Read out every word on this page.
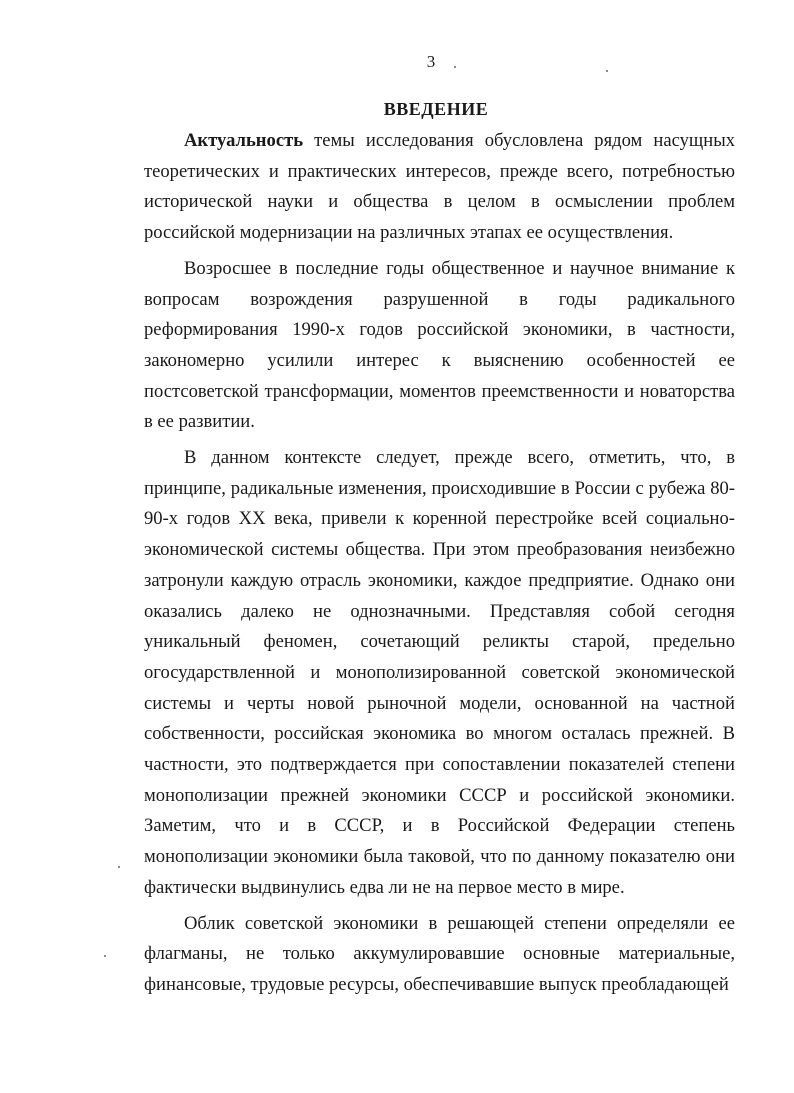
3
ВВЕДЕНИЕ

Актуальность темы исследования обусловлена рядом насущных теоретических и практических интересов, прежде всего, потребностью исторической науки и общества в целом в осмыслении проблем российской модернизации на различных этапах ее осуществления.

Возросшее в последние годы общественное и научное внимание к вопросам возрождения разрушенной в годы радикального реформирования 1990-х годов российской экономики, в частности, закономерно усилили интерес к выяснению особенностей ее постсоветской трансформации, моментов преемственности и новаторства в ее развитии.

В данном контексте следует, прежде всего, отметить, что, в принципе, радикальные изменения, происходившие в России с рубежа 80-90-х годов XX века, привели к коренной перестройке всей социально-экономической системы общества. При этом преобразования неизбежно затронули каждую отрасль экономики, каждое предприятие. Однако они оказались далеко не однозначными. Представляя собой сегодня уникальный феномен, сочетающий реликты старой, предельно огосударствленной и монополизированной советской экономической системы и черты новой рыночной модели, основанной на частной собственности, российская экономика во многом осталась прежней. В частности, это подтверждается при сопоставлении показателей степени монополизации прежней экономики СССР и российской экономики. Заметим, что и в СССР, и в Российской Федерации степень монополизации экономики была таковой, что по данному показателю они фактически выдвинулись едва ли не на первое место в мире.

Облик советской экономики в решающей степени определяли ее флагманы, не только аккумулировавшие основные материальные, финансовые, трудовые ресурсы, обеспечивавшие выпуск преобладающей
